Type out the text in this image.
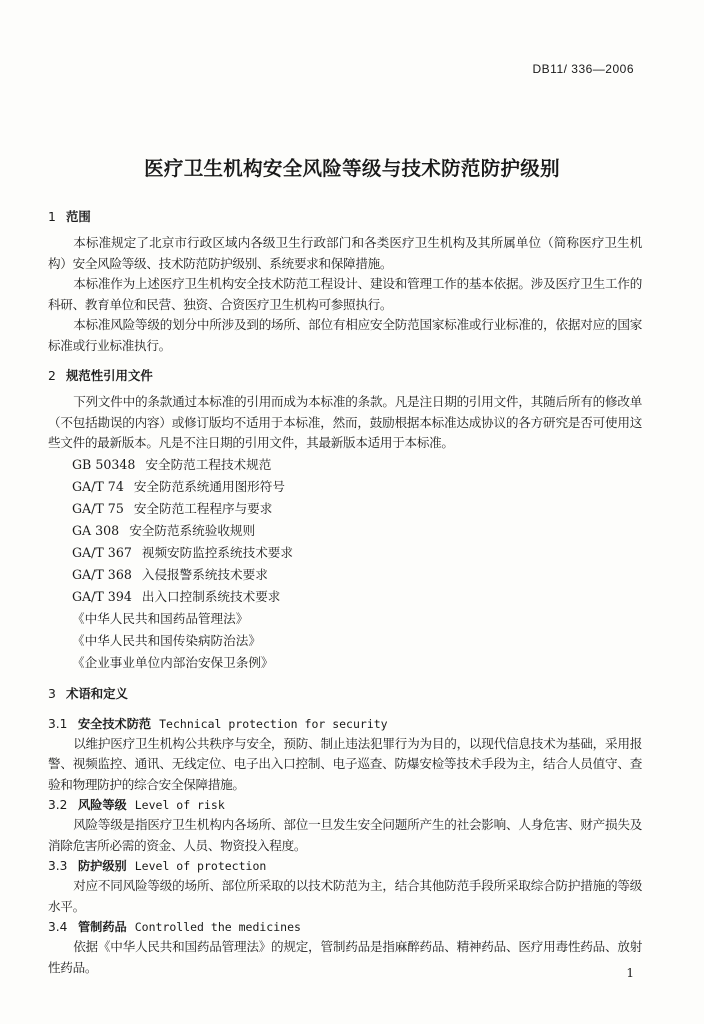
DB11/ 336—2006
医疗卫生机构安全风险等级与技术防范防护级别

1 范围

本标准规定了北京市行政区域内各级卫生行政部门和各类医疗卫生机构及其所属单位（简称医疗卫生机构）安全风险等级、技术防范防护级别、系统要求和保障措施。

本标准作为上述医疗卫生机构安全技术防范工程设计、建设和管理工作的基本依据。涉及医疗卫生工作的科研、教育单位和民营、独资、合资医疗卫生机构可参照执行。

本标准风险等级的划分中所涉及到的场所、部位有相应安全防范国家标准或行业标准的，依据对应的国家标准或行业标准执行。

2 规范性引用文件

下列文件中的条款通过本标准的引用而成为本标准的条款。凡是注日期的引用文件，其随后所有的修改单（不包括勘误的内容）或修订版均不适用于本标准，然而，鼓励根据本标准达成协议的各方研究是否可使用这些文件的最新版本。凡是不注日期的引用文件，其最新版本适用于本标准。

GB 50348 安全防范工程技术规范

GA/T 74 安全防范系统通用图形符号

GA/T 75 安全防范工程程序与要求

GA 308 安全防范系统验收规则

GA/T 367 视频安防监控系统技术要求

GA/T 368 入侵报警系统技术要求

GA/T 394 出入口控制系统技术要求

《中华人民共和国药品管理法》

《中华人民共和国传染病防治法》

《企业事业单位内部治安保卫条例》

3 术语和定义

3.1 安全技术防范 Technical protection for security

以维护医疗卫生机构公共秩序与安全，预防、制止违法犯罪行为为目的，以现代信息技术为基础，采用报警、视频监控、通讯、无线定位、电子出入口控制、电子巡查、防爆安检等技术手段为主，结合人员值守、查验和物理防护的综合安全保障措施。

3.2 风险等级 Level of risk

风险等级是指医疗卫生机构内各场所、部位一旦发生安全问题所产生的社会影响、人身危害、财产损失及消除危害所必需的资金、人员、物资投入程度。

3.3 防护级别 Level of protection

对应不同风险等级的场所、部位所采取的以技术防范为主，结合其他防范手段所采取综合防护措施的等级水平。

3.4 管制药品 Controlled the medicines

依据《中华人民共和国药品管理法》的规定，管制药品是指麻醉药品、精神药品、医疗用毒性药品、放射性药品。	1
